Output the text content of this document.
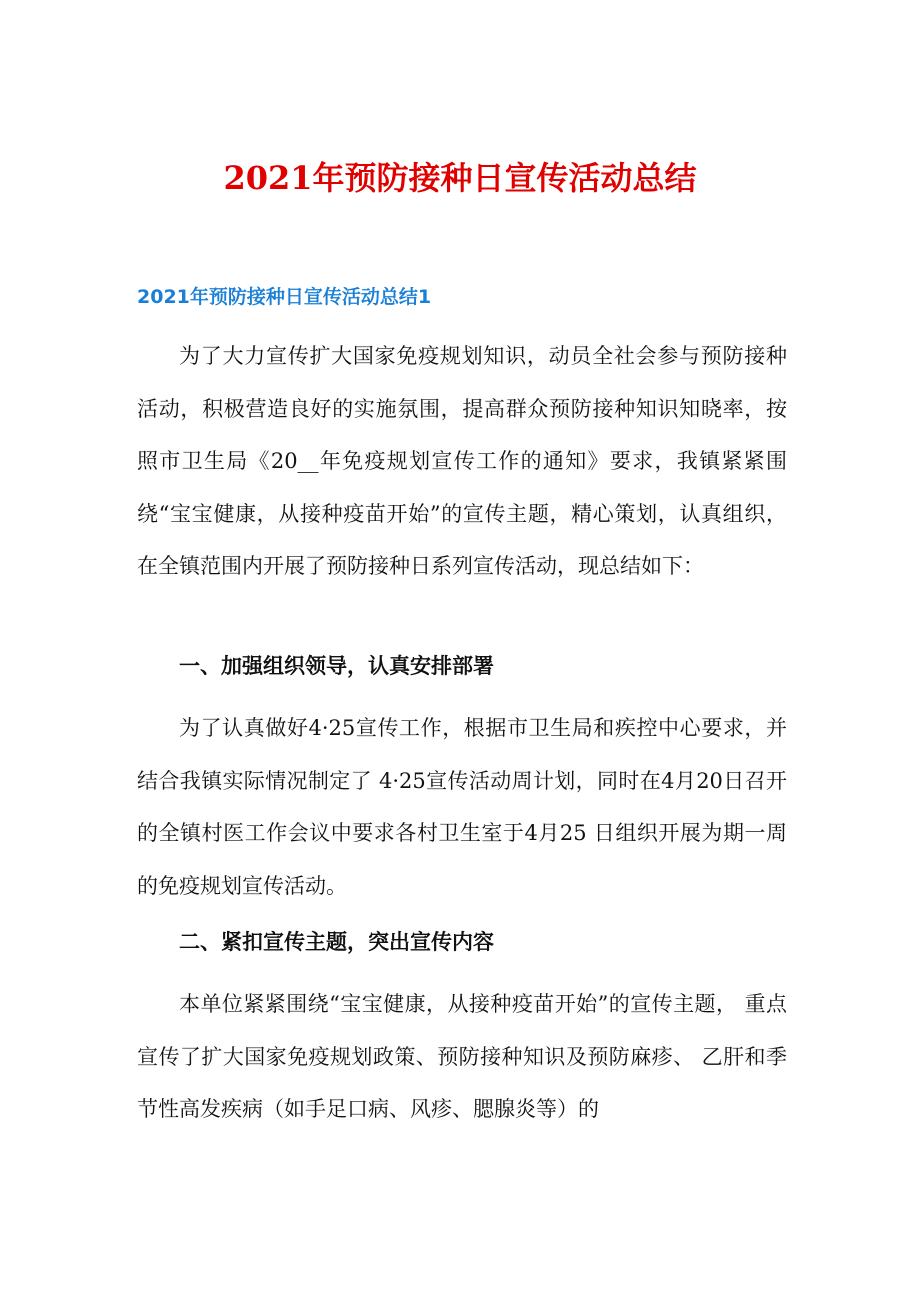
2021年预防接种日宣传活动总结
2021年预防接种日宣传活动总结1

为了大力宣传扩大国家免疫规划知识，动员全社会参与预防接种活动，积极营造良好的实施氛围，提高群众预防接种知识知晓率，按照市卫生局《20__年免疫规划宣传工作的通知》要求，我镇紧紧围绕“宝宝健康，从接种疫苗开始”的宣传主题，精心策划，认真组织，在全镇范围内开展了预防接种日系列宣传活动，现总结如下：

一、加强组织领导，认真安排部署

为了认真做好4·25宣传工作，根据市卫生局和疾控中心要求，并结合我镇实际情况制定了 4·25宣传活动周计划，同时在4月20日召开的全镇村医工作会议中要求各村卫生室于4月25 日组织开展为期一周的免疫规划宣传活动。

二、紧扣宣传主题，突出宣传内容

本单位紧紧围绕“宝宝健康，从接种疫苗开始”的宣传主题， 重点宣传了扩大国家免疫规划政策、预防接种知识及预防麻疹、 乙肝和季节性高发疾病（如手足口病、风疹、腮腺炎等）的
